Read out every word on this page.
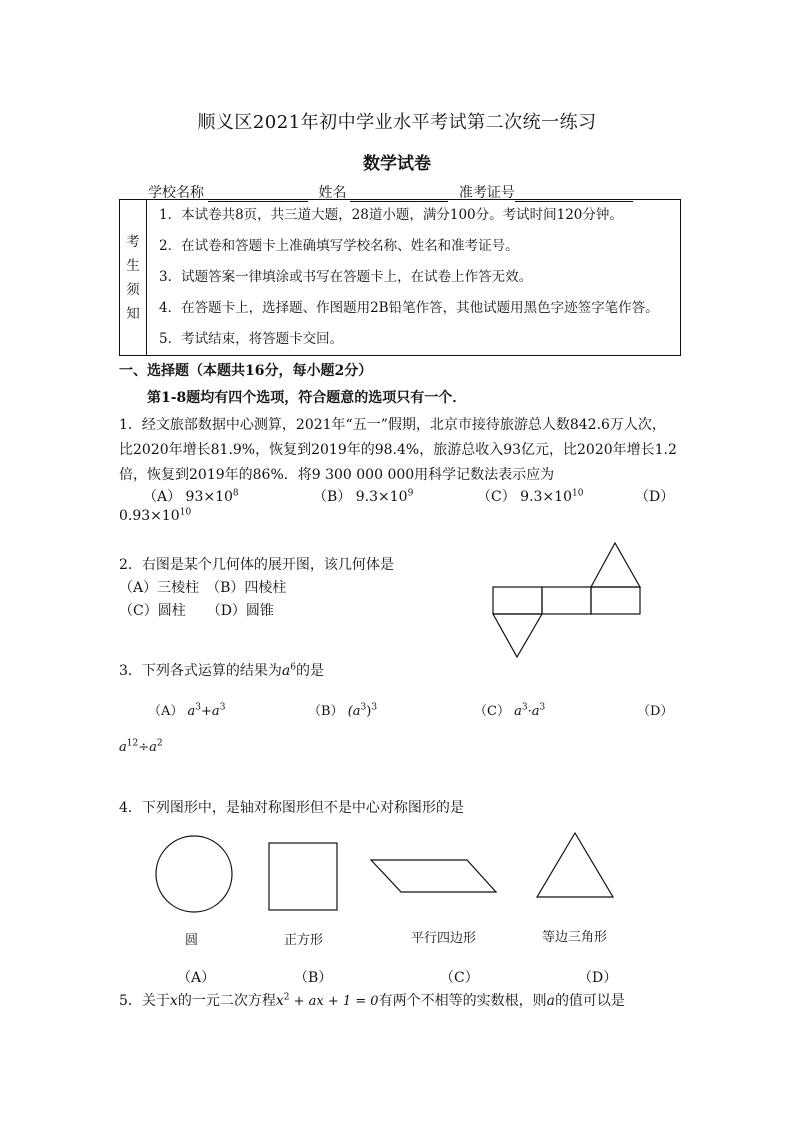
顺义区2021年初中学业水平考试第二次统一练习
数学试卷
学校名称	姓名	准考证号
考
生
须
知

1．本试卷共8页，共三道大题，28道小题，满分100分。考试时间120分钟。
2．在试卷和答题卡上准确填写学校名称、姓名和准考证号。
3．试题答案一律填涂或书写在答题卡上，在试卷上作答无效。
4．在答题卡上，选择题、作图题用2B铅笔作答，其他试题用黑色字迹签字笔作答。
5．考试结束，将答题卡交回。
一、选择题（本题共16分，每小题2分）
第1-8题均有四个选项，符合题意的选项只有一个．
1．经文旅部数据中心测算，2021年“五一”假期，北京市接待旅游总人数842.6万人次，
比2020年增长81.9%，恢复到2019年的98.4%，旅游总收入93亿元，比2020年增长1.2
倍，恢复到2019年的86%．将9 300 000 000用科学记数法表示应为
（A） $93\times 10^8$	（B） $9.3\times 10^9$	（C） $9.3\times 10^{10}$	（D）
$0.93\times 10^{10}$
2．右图是某个几何体的展开图，该几何体是
（A）三棱柱　（B）四棱柱
（C）圆柱　　（D）圆锥
3．下列各式运算的结果为$a^6$的是
（A） $a^3+a^3$	（B） $(a^3)^3$	（C） $a^3\cdot a^3$	（D）
$a^{12}\div a^2$
4．下列图形中，是轴对称图形但不是中心对称图形的是
圆	正方形	平行四边形	等边三角形
（A）	（B）	（C）	（D）
5．关于x的一元二次方程$x^2$ + ax + 1 = 0有两个不相等的实数根，则a的值可以是
